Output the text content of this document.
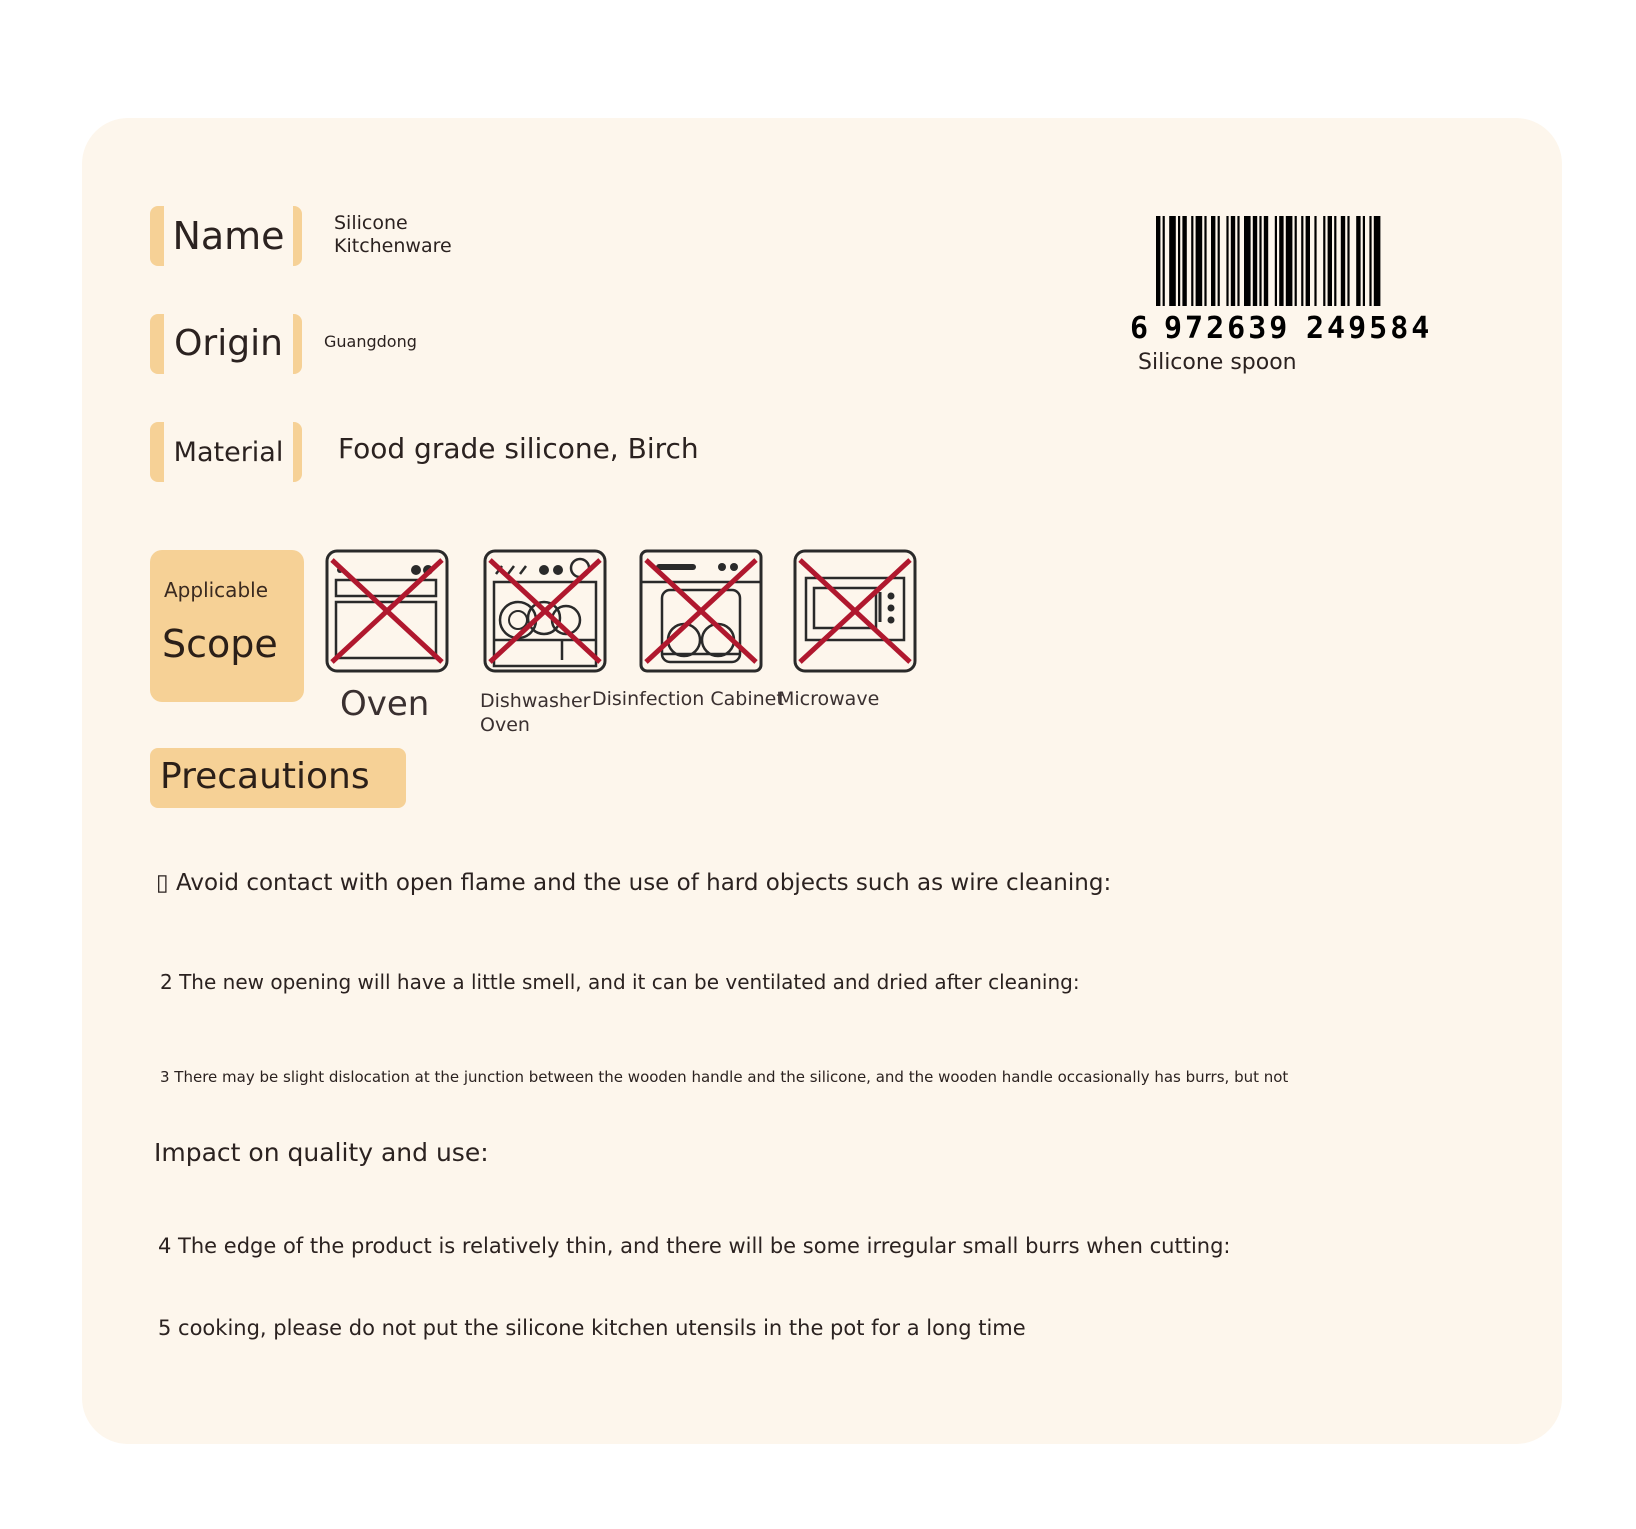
Name	Silicone
Kitchenware
Origin	Guangdong
Material Food grade silicone, Birch
6 972639 249584
Silicone spoon
Applicable
Scope
Oven	Dishwasher Disinfection Cabinet
Microwave
Oven
Precautions
▯ Avoid contact with open flame and the use of hard objects such as wire cleaning:
2 The new opening will have a little smell, and it can be ventilated and dried after cleaning:
3 There may be slight dislocation at the junction between the wooden handle and the silicone, and the wooden handle occasionally has burrs, but not
Impact on quality and use:
4 The edge of the product is relatively thin, and there will be some irregular small burrs when cutting:
5 cooking, please do not put the silicone kitchen utensils in the pot for a long time
